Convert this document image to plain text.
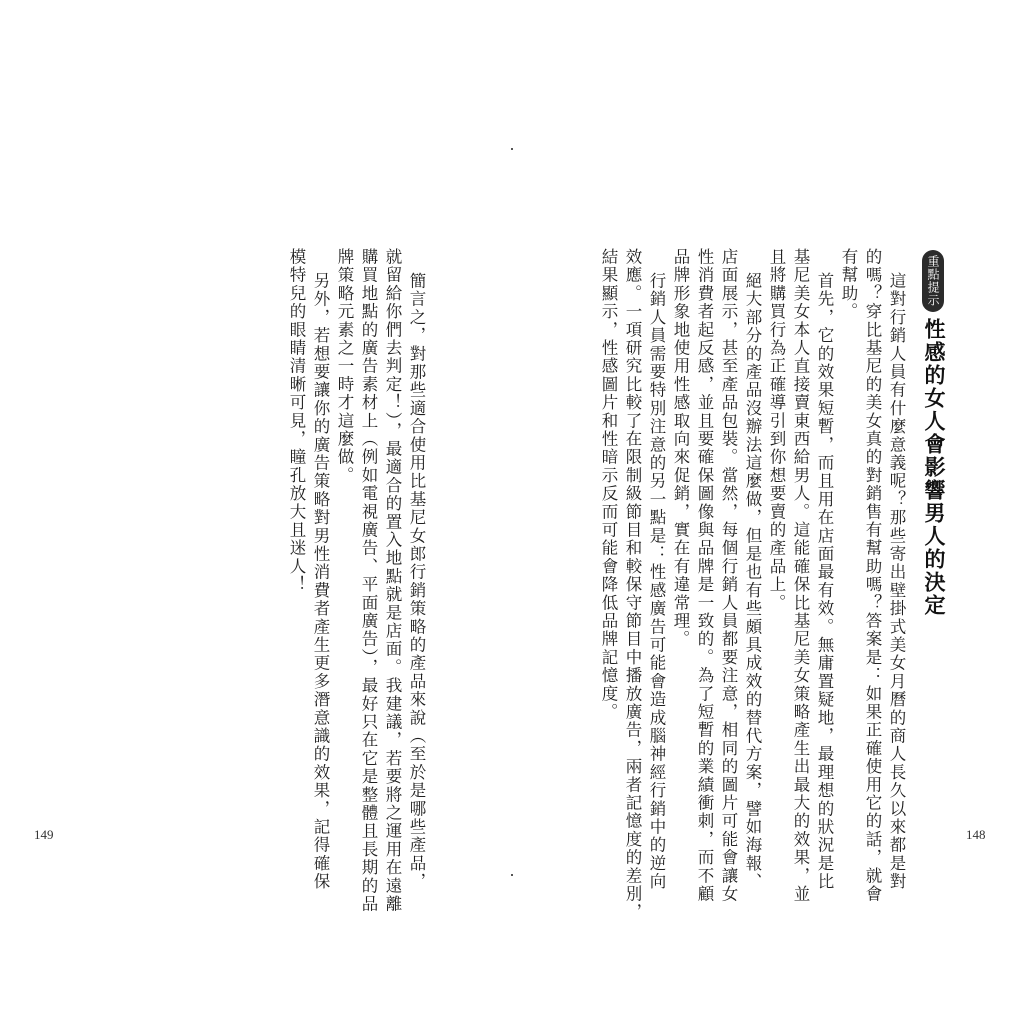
重點提示
性感的女人會影響男人的決定
這對行銷人員有什麼意義呢？那些寄出壁掛式美女月曆的商人長久以來都是對
的嗎？穿比基尼的美女真的對銷售有幫助嗎？答案是：如果正確使用它的話，就會
有幫助。
首先，它的效果短暫，而且用在店面最有效。無庸置疑地，最理想的狀況是比
基尼美女本人直接賣東西給男人。這能確保比基尼美女策略產生出最大的效果，並
且將購買行為正確導引到你想要賣的產品上。
絕大部分的產品沒辦法這麼做，但是也有些頗具成效的替代方案，譬如海報、
店面展示，甚至產品包裝。當然，每個行銷人員都要注意，相同的圖片可能會讓女
性消費者起反感，並且要確保圖像與品牌是一致的。為了短暫的業績衝刺，而不顧
品牌形象地使用性感取向來促銷，實在有違常理。
行銷人員需要特別注意的另一點是：性感廣告可能會造成腦神經行銷中的逆向
效應。一項研究比較了在限制級節目和較保守節目中播放廣告，兩者記憶度的差別，
結果顯示，性感圖片和性暗示反而可能會降低品牌記憶度。
148
簡言之，對那些適合使用比基尼女郎行銷策略的產品來說（至於是哪些產品，
就留給你們去判定！），最適合的置入地點就是店面。我建議，若要將之運用在遠離
購買地點的廣告素材上（例如電視廣告、平面廣告），最好只在它是整體且長期的品
牌策略元素之一時才這麼做。
另外，若想要讓你的廣告策略對男性消費者產生更多潛意識的效果，記得確保
模特兒的眼睛清晰可見，瞳孔放大且迷人！
149
